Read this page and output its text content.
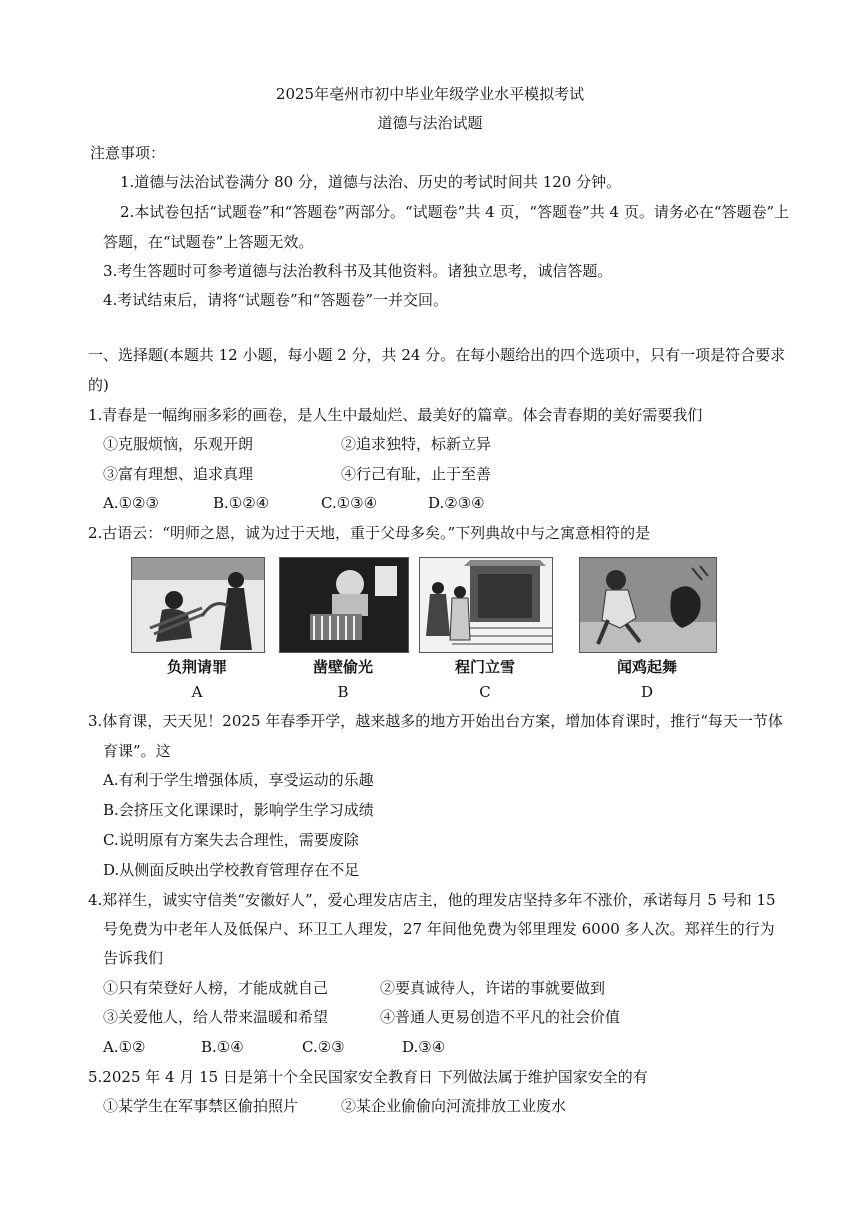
2025年亳州市初中毕业年级学业水平模拟考试
道德与法治试题
注意事项：
1.道德与法治试卷满分 80 分，道德与法治、历史的考试时间共 120 分钟。
2.本试卷包括“试题卷”和“答题卷”两部分。“试题卷”共 4 页，“答题卷”共 4 页。请务必在“答题卷”上
答题，在“试题卷”上答题无效。
3.考生答题时可参考道德与法治教科书及其他资料。诸独立思考，诚信答题。
4.考试结束后，请将“试题卷”和“答题卷”一并交回。
一、选择题(本题共 12 小题，每小题 2 分，共 24 分。在每小题给出的四个选项中，只有一项是符合要求
的)
1.青春是一幅绚丽多彩的画卷，是人生中最灿烂、最美好的篇章。体会青春期的美好需要我们
①克服烦恼，乐观开朗	②追求独特，标新立异
③富有理想、追求真理	④行己有耻，止于至善
A.①②③	B.①②④	C.①③④	D.②③④
2.古语云：“明师之恩，诚为过于天地，重于父母多矣。”下列典故中与之寓意相符的是
负荆请罪	凿壁偷光	程门立雪	闻鸡起舞
A	B	C	D
3.体育课，天天见！2025 年春季开学，越来越多的地方开始出台方案，增加体育课时，推行“每天一节体
育课”。这
A.有利于学生增强体质，享受运动的乐趣
B.会挤压文化课课时，影响学生学习成绩
C.说明原有方案失去合理性，需要废除
D.从侧面反映出学校教育管理存在不足
4.郑祥生，诚实守信类“安徽好人”，爱心理发店店主，他的理发店坚持多年不涨价，承诺每月 5 号和 15
号免费为中老年人及低保户、环卫工人理发，27 年间他免费为邻里理发 6000 多人次。郑祥生的行为
告诉我们
①只有荣登好人榜，才能成就自己	②要真诚待人，许诺的事就要做到
③关爱他人，给人带来温暖和希望	④普通人更易创造不平凡的社会价值
A.①②	B.①④	C.②③	D.③④
5.2025 年 4 月 15 日是第十个全民国家安全教育日 下列做法属于维护国家安全的有
①某学生在军事禁区偷拍照片	②某企业偷偷向河流排放工业废水
